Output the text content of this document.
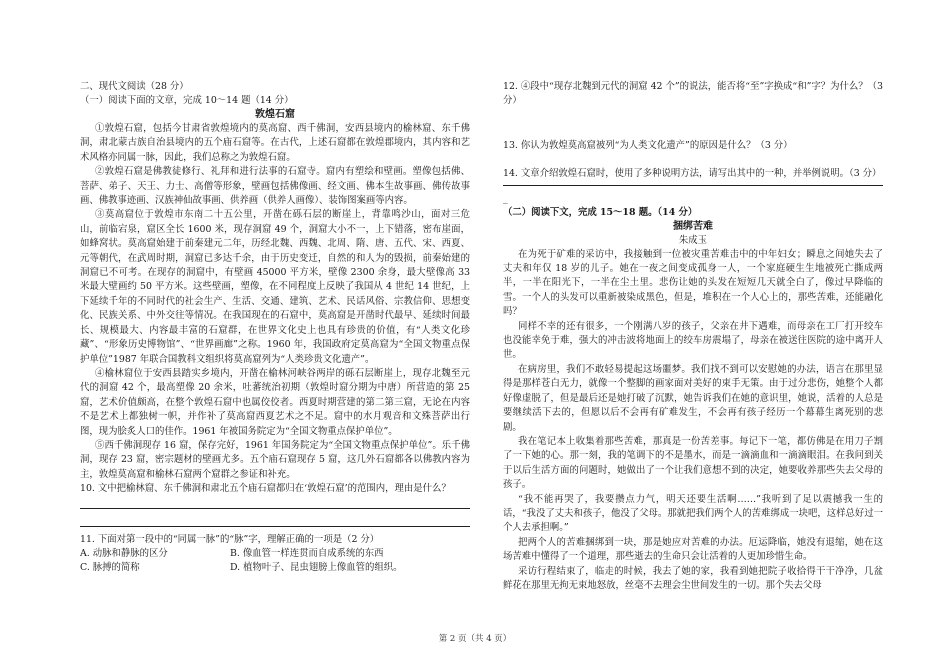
二、现代文阅读（28 分）
（一）阅读下面的文章，完成 10～14 题（14 分）
敦煌石窟

①敦煌石窟，包括今甘肃省敦煌境内的莫高窟、西千佛洞，安西县境内的榆林窟、东千佛洞，肃北蒙古族自治县境内的五个庙石窟等。在古代，上述石窟都在敦煌郡境内，其内容和艺术风格亦同属一脉，因此，我们总称之为敦煌石窟。

②敦煌石窟是佛教徒修行、礼拜和进行法事的石窟寺。窟内有塑绘和壁画。塑像包括佛、菩萨、弟子、天王、力士、高僧等形象，壁画包括佛像画、经文画、佛本生故事画、佛传故事画、佛教事迹画、汉族神仙故事画、供养画（供养人画像）、装饰图案画等内容。

③莫高窟位于敦煌市东南二十五公里，开凿在砾石层的断崖上，背靠鸣沙山，面对三危山，前临宕泉，窟区全长 1600 米，现存洞窟 49 个，洞窟大小不一，上下错落，密布崖面，如蜂窝状。莫高窟始建于前秦建元二年，历经北魏、西魏、北周、隋、唐、五代、宋、西夏、元等朝代，在武周时期，洞窟已多达千余，由于历史变迁，自然的和人为的毁损，前秦始建的洞窟已不可考。在现存的洞窟中，有壁画 45000 平方米，壁像 2300 余身，最大壁像高 33 米最大壁画约 50 平方米。这些壁画，塑像，在不同程度上反映了我国从 4 世纪 14 世纪，上下延续千年的不同时代的社会生产、生活、交通、建筑、艺术、民话风俗、宗教信仰、思想变化、民族关系、中外交往等情况。在我国现在的石窟中，莫高窟是开凿时代最早、延续时间最长、规模最大、内容最丰富的石窟群，在世界文化史上也具有珍贵的价值，有“人类文化珍藏”、“形象历史博物馆”、“世界画廊”之称。1960 年，我国政府定莫高窟为“全国文物重点保护单位”1987 年联合国教科文组织将莫高窟列为“人类珍贵文化遗产”。

④榆林窟位于安西县踏实乡境内，开凿在榆林河峡谷两岸的砾石层断崖上，现存北魏至元代的洞窟 42 个，最高塑像 20 余米，吐蕃统治初期（敦煌时窟分期为中唐）所营造的第 25 窟，艺术价值颇高，在整个敦煌石窟中也属佼佼者。西夏时期营建的第二第三窟，无论在内容不是艺术上都独树一帜，并作补了莫高窟西夏艺术之不足。窟中的水月观音和文殊菩萨出行图，现为脍炙人口的佳作。1961 年被国务院定为“全国文物重点保护单位”。

⑤西千佛洞现存 16 窟，保存完好，1961 年国务院定为“全国文物重点保护单位”。乐千佛洞，现存 23 窟，密宗题材的壁画尤多。五个庙石窟现存 5 窟，这几外石窟都各以佛教内容为主，敦煌莫高窟和榆林石窟两个窟群之参证和补充。

10. 文中把榆林窟、东千佛洞和肃北五个庙石窟都归在‘敦煌石窟’的范围内，理由是什么？

11. 下面对第一段中的“同属一脉”的“脉”字，理解正确的一项是（2 分）
A. 动脉和静脉的区分	B. 像血管一样连贯而自成系统的东西
C. 脉搏的简称	D. 植物叶子、昆虫翅膀上像血管的组织。

12. ④段中“现存北魏到元代的洞窟 42 个”的说法，能否将“至”字换成“和”字？为什么？（3 分）

13. 你认为敦煌莫高窟被列“为人类文化遗产”的原因是什么？（3 分）

14. 文章介绍敦煌石窟时，使用了多种说明方法，请写出其中的一种，并举例说明。（3 分）

_
（二）阅读下文，完成 15～18 题。（14 分）
捆绑苦难
朱成玉

在为死于矿难的采访中，我接触到一位被灾重苦难击中的中年妇女；瞬息之间她失去了丈夫和年仅 18 岁的儿子。她在一夜之间变成孤身一人，一个家庭硬生生地被死亡撕成两半，一半在阳光下，一半在尘土里。悲伤让她的头发在短短几天就全白了，像过早降临的雪。一个人的头发可以重新被染成黑色，但是，堆积在一个人心上的，那些苦难，还能融化吗？

同样不幸的还有很多，一个刚满八岁的孩子，父亲在井下遇难，而母亲在工厂打开绞车也没能幸免于难，强大的冲击波将地面上的绞车房震塌了，母亲在被送往医院的途中离开人世。

在病房里，我们不敢轻易提起这场噩梦。我们找不到可以安慰她的办法，语言在那里显得是那样苍白无力，就像一个整脚的画家面对美好的束手无策。由于过分悲伤，她整个人都好像虚脱了，但是最后还是她打破了沉默，她告诉我们在她的意识里，她说，活着的人总是要继续活下去的，但愿以后不会再有矿难发生，不会再有孩子经历一个幕幕生离死别的悲剧。

我在笔记本上收集着那些苦难，那真是一份苦差事。每记下一笔，都仿佛是在用刀子割了一下她的心。那一刻，我的笔调下的不是墨水，而是一滴滴血和一滴滴眼泪。在我问到关于以后生活方面的问题时，她做出了一个让我们意想不到的决定，她要收养那些失去父母的孩子。

“我不能再哭了，我要攒点力气，明天还要生活啊……”我听到了足以震撼我一生的话，“我没了丈夫和孩子，他没了父母。那就把我们两个人的苦难绑成一块吧，这样总好过一个人去承担啊。”

把两个人的苦难捆绑到一块，那是她应对苦难的办法。厄运降临，她没有退缩，她在这场苦难中懂得了一个道理，那些逝去的生命只会让活着的人更加珍惜生命。

采访行程结束了，临走的时候，我去了她的家，我看到她把院子收拾得干干净净，几盆鲜花在那里无拘无束地怒放，丝毫不去理会尘世间发生的一切。那个失去父母

第 2 页（共 4 页）
